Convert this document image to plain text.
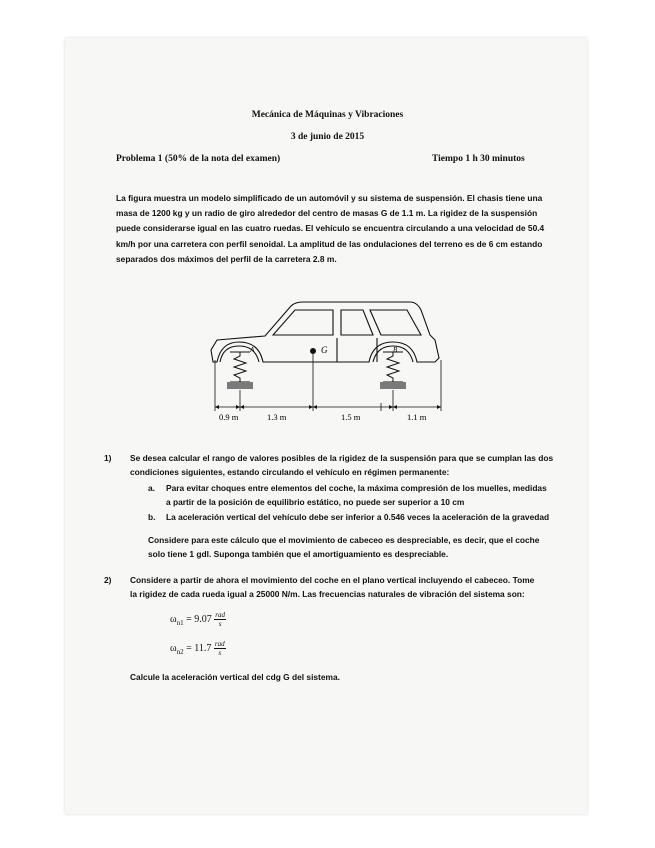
Mecánica de Máquinas y Vibraciones
3 de junio de 2015
Problema 1 (50% de la nota del examen)	Tiempo 1 h 30 minutos
La figura muestra un modelo simplificado de un automóvil y su sistema de suspensión. El chasis tiene una masa de 1200 kg y un radio de giro alrededor del centro de masas G de 1.1 m. La rigidez de la suspensión puede considerarse igual en las cuatro ruedas. El vehículo se encuentra circulando a una velocidad de 50.4 km/h por una carretera con perfil senoidal. La amplitud de las ondulaciones del terreno es de 6 cm estando separados dos máximos del perfil de la carretera 2.8 m.
G
A	B
0.9 m	1.3 m	1.5 m	1.1 m
1) Se desea calcular el rango de valores posibles de la rigidez de la suspensión para que se cumplan las dos
condiciones siguientes, estando circulando el vehículo en régimen permanente:
a. Para evitar choques entre elementos del coche, la máxima compresión de los muelles, medidas
a partir de la posición de equilibrio estático, no puede ser superior a 10 cm
b. La aceleración vertical del vehículo debe ser inferior a 0.546 veces la aceleración de la gravedad
Considere para este cálculo que el movimiento de cabeceo es despreciable, es decir, que el coche
solo tiene 1 gdl. Suponga también que el amortiguamiento es despreciable.
2) Considere a partir de ahora el movimiento del coche en el plano vertical incluyendo el cabeceo. Tome
la rigidez de cada rueda igual a 25000 N/m. Las frecuencias naturales de vibración del sistema son:
$\omega_{n1} = 9.07 \frac{\text{rad}}{s}$
$\omega_{n2} = 11.7 \frac{\text{rad}}{s}$
Calcule la aceleración vertical del cdg G del sistema.
